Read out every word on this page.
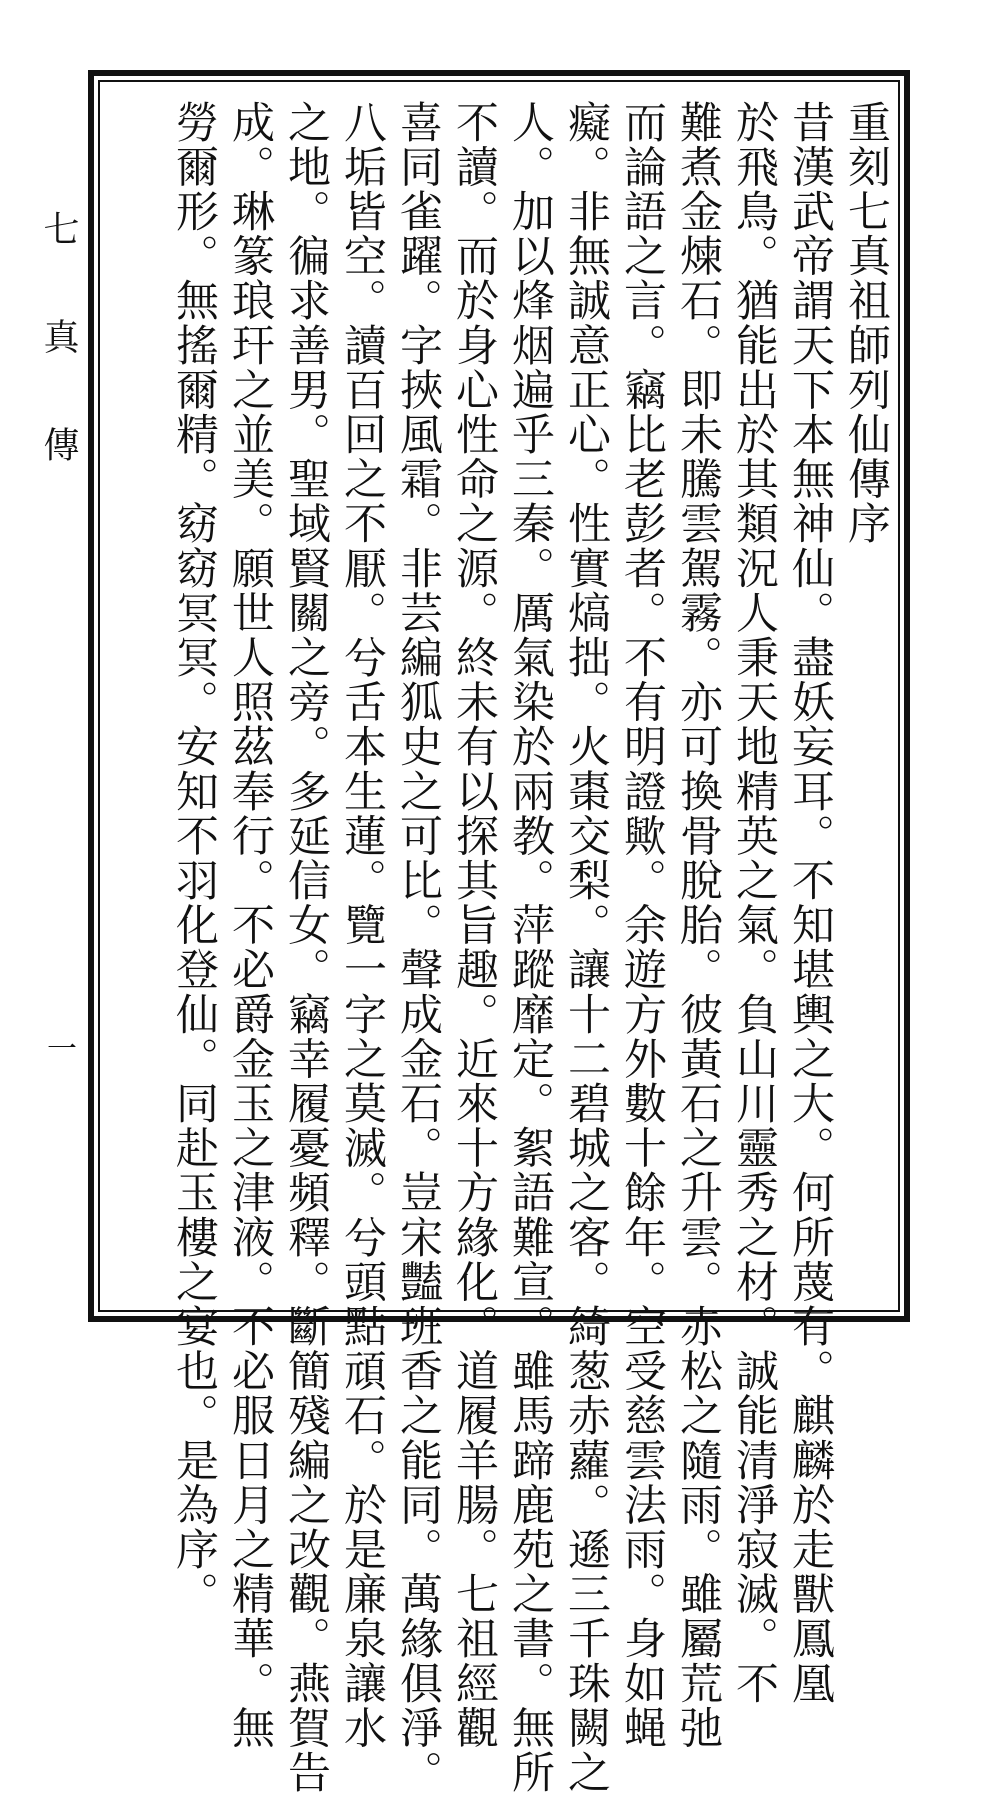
七真傳
一
重刻七真祖師列仙傳序
昔漢武帝謂天下本無神仙。盡妖妄耳。不知堪輿之大。何所蔑有。麒麟於走獸鳳凰
於飛鳥。猶能出於其類況人秉天地精英之氣。負山川靈秀之材。誠能清淨寂滅。不
難煮金煉石。即未騰雲駕霧。亦可換骨脫胎。彼黃石之升雲。赤松之隨雨。雖屬荒弛
而論語之言。竊比老彭者。不有明證歟。余遊方外數十餘年。空受慈雲法雨。身如蝇
癡。非無誠意正心。性實熇拙。火棗交梨。讓十二碧城之客。綺葱赤蘿。遜三千珠闕之
人。加以烽烟遍乎三秦。厲氣染於兩教。萍蹤靡定。絮語難宣。雖馬蹄鹿苑之書。無所
不讀。而於身心性命之源。終未有以探其旨趣。近來十方緣化。道履羊腸。七祖經觀
喜同雀躍。字挾風霜。非芸編狐史之可比。聲成金石。豈宋豔班香之能同。萬緣俱淨。
八垢皆空。讀百回之不厭。兮舌本生蓮。覽一字之莫滅。兮頭點頑石。於是廉泉讓水
之地。徧求善男。聖域賢關之旁。多延信女。竊幸履憂頻釋。斷簡殘編之改觀。燕賀告
成。琳篆琅玕之並美。願世人照茲奉行。不必爵金玉之津液。不必服日月之精華。無
勞爾形。無搖爾精。窈窈冥冥。安知不羽化登仙。同赴玉樓之宴也。是為序。
